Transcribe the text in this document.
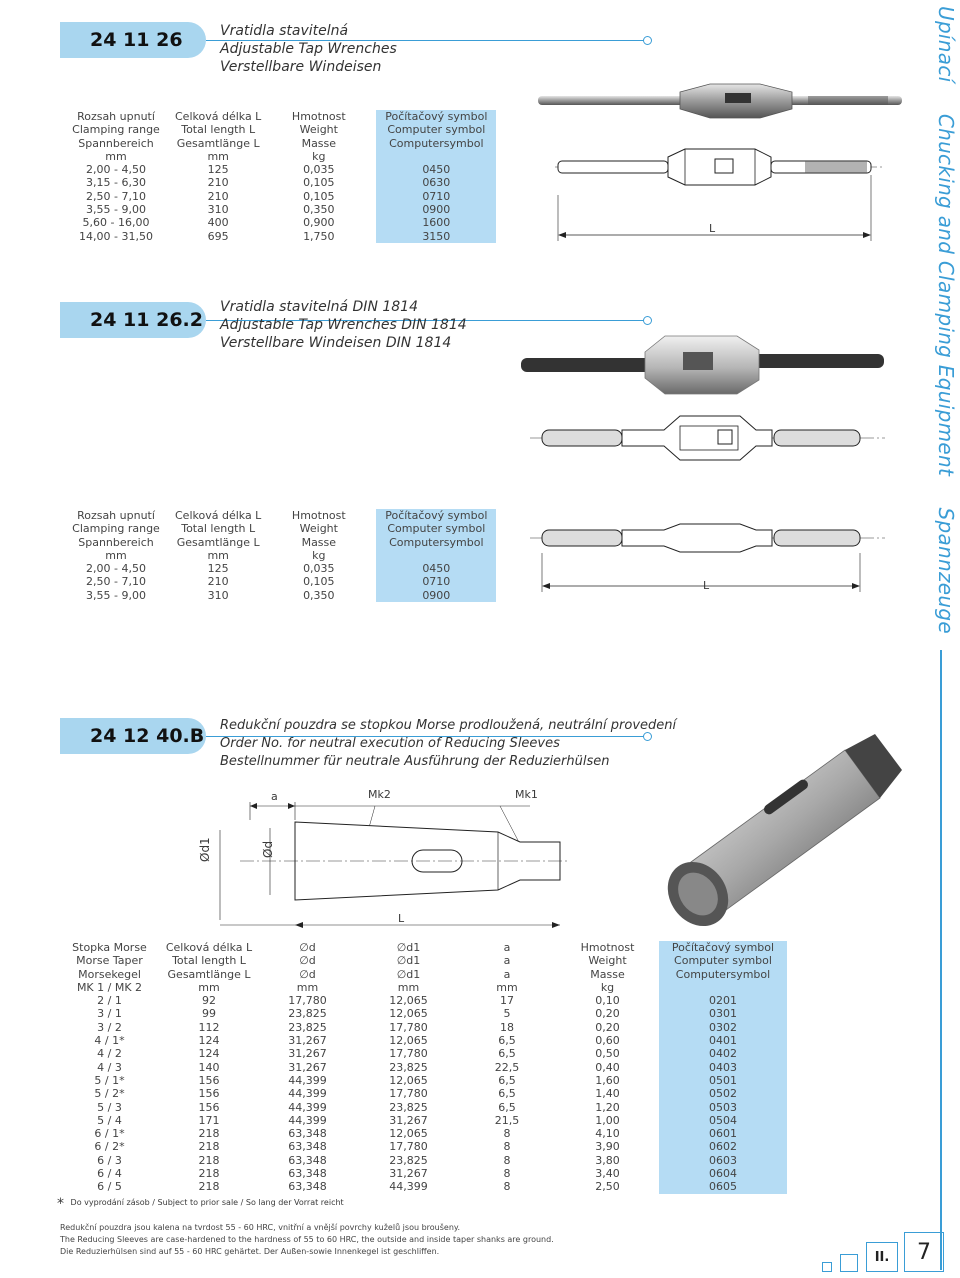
Upínací  Chucking and Clamping Equipment  Spannzeuge
24 11 26	Vratidla stavitelná
Adjustable Tap Wrenches
Verstellbare Windeisen
Rozsah upnutí	Celková délka L	Hmotnost	Počítačový symbol
Clamping range	Total length L	Weight	Computer symbol
Spannbereich	Gesamtlänge L	Masse	Computersymbol
mm	mm	kg	
2,00 - 4,50	125	0,035	0450
3,15 - 6,30	210	0,105	0630
2,50 - 7,10	210	0,105	0710
3,55 - 9,00	310	0,350	0900
5,60 - 16,00	400	0,900	1600
14,00 - 31,50	695	1,750	3150
L
24 11 26.2
Vratidla stavitelná DIN 1814
Adjustable Tap Wrenches DIN 1814
Verstellbare Windeisen DIN 1814
Rozsah upnutí	Celková délka L	Hmotnost	Počítačový symbol
Clamping range	Total length L	Weight	Computer symbol
Spannbereich	Gesamtlänge L	Masse	Computersymbol
mm	mm	kg	
2,00 - 4,50	125	0,035	0450
2,50 - 7,10	210	0,105	0710
3,55 - 9,00	310	0,350	0900
L
24 12 40.B Redukční pouzdra se stopkou Morse prodloužená, neutrální provedení
Order No. for neutral execution of Reducing Sleeves
Bestellnummer für neutrale Ausführung der Reduzierhülsen
a	Mk2	Mk1
Ød1	Ød
L
Stopka Morse	Celková délka L	∅d	∅d1	a	Hmotnost	Počítačový symbol
Morse Taper	Total length L	∅d	∅d1	a	Weight	Computer symbol
Morsekegel	Gesamtlänge L	∅d	∅d1	a	Masse	Computersymbol
MK 1 / MK 2	mm	mm	mm	mm	kg	
2 / 1	92	17,780	12,065	17	0,10	0201
3 / 1	99	23,825	12,065	5	0,20	0301
3 / 2	112	23,825	17,780	18	0,20	0302
4 / 1*	124	31,267	12,065	6,5	0,60	0401
4 / 2	124	31,267	17,780	6,5	0,50	0402
4 / 3	140	31,267	23,825	22,5	0,40	0403
5 / 1*	156	44,399	12,065	6,5	1,60	0501
5 / 2*	156	44,399	17,780	6,5	1,40	0502
5 / 3	156	44,399	23,825	6,5	1,20	0503
5 / 4	171	44,399	31,267	21,5	1,00	0504
6 / 1*	218	63,348	12,065	8	4,10	0601
6 / 2*	218	63,348	17,780	8	3,90	0602
6 / 3	218	63,348	23,825	8	3,80	0603
6 / 4	218	63,348	31,267	8	3,40	0604
6 / 5	218	63,348	44,399	8	2,50	0605
* Do vyprodání zásob / Subject to prior sale / So lang der Vorrat reicht
Redukční pouzdra jsou kalena na tvrdost 55 - 60 HRC, vnitřní a vnější povrchy kuželů jsou broušeny.
The Reducing Sleeves are case-hardened to the hardness of 55 to 60 HRC, the outside and inside taper shanks are ground.
Die Reduzierhülsen sind auf 55 - 60 HRC gehärtet. Der Außen-sowie Innenkegel ist geschliffen.	II. 7
